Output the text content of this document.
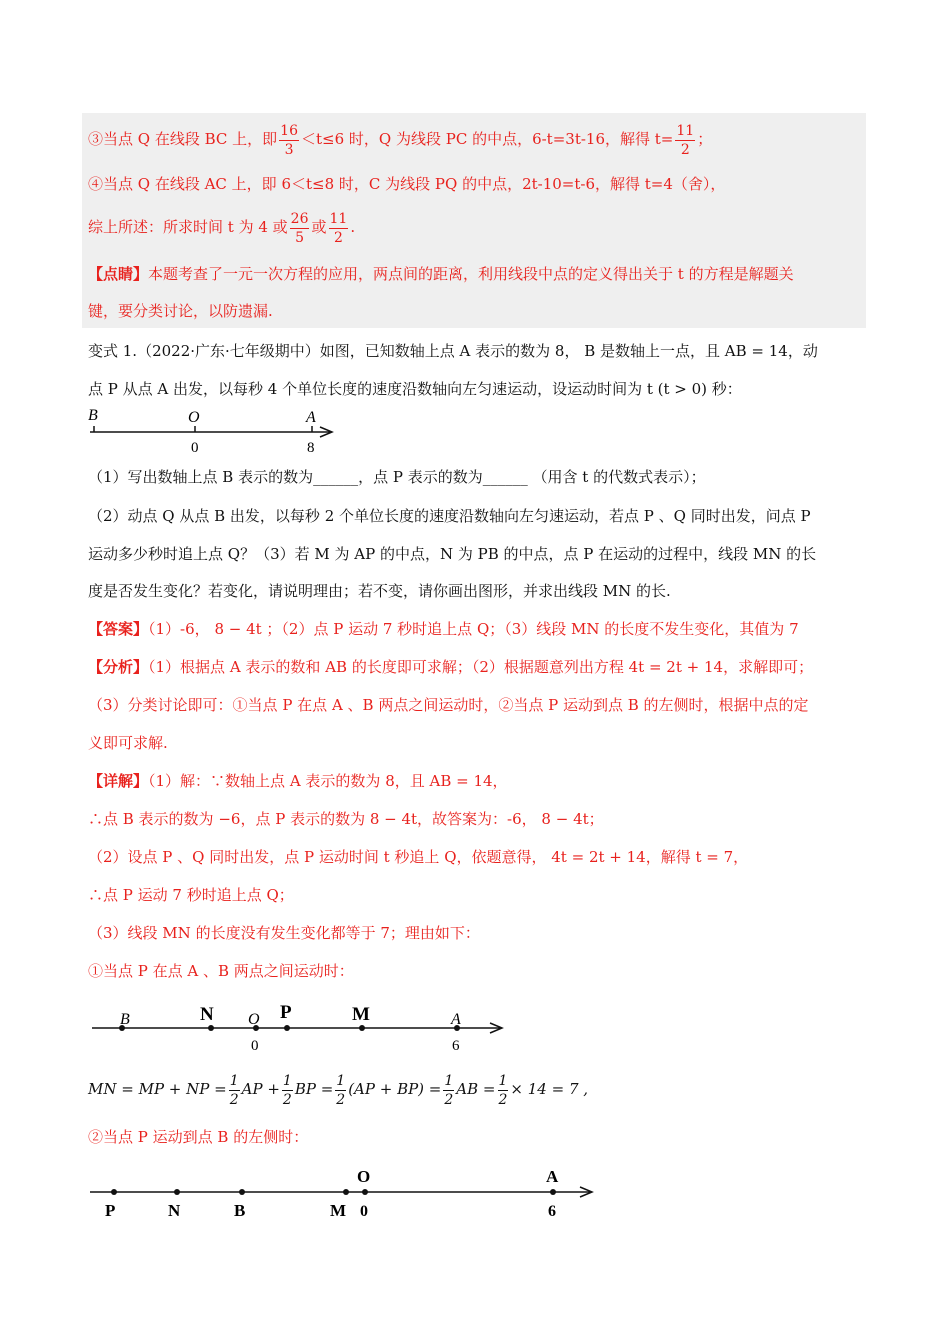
③当点 Q 在线段 BC 上，即 $\frac{16}{3} <t\le 6$ 时，Q 为线段 PC 的中点，6-t=3t-16，解得 $t= \frac{11}{2}$ ；
④当点 Q 在线段 AC 上，即 6＜t≤8 时，C 为线段 PQ 的中点，2t-10=t-6，解得 t=4（舍），
综上所述：所求时间 t 为 4 或 $\frac{26}{5}$ 或 $\frac{11}{2}$ .
【点睛】本题考查了一元一次方程的应用，两点间的距离，利用线段中点的定义得出关于 t 的方程是解题关
键，要分类讨论，以防遗漏.
变式 1.（2022·广东·七年级期中）如图，已知数轴上点 A 表示的数为 8， B 是数轴上一点，且 AB = 14，动
点 P 从点 A 出发，以每秒 4 个单位长度的速度沿数轴向左匀速运动，设运动时间为 t (t > 0) 秒：
B	O	A
0	8
（1）写出数轴上点 B 表示的数为______，点 P 表示的数为______ （用含 t 的代数式表示）；
（2）动点 Q 从点 B 出发，以每秒 2 个单位长度的速度沿数轴向左匀速运动，若点 P 、Q 同时出发，问点 P
运动多少秒时追上点 Q？（3）若 M 为 AP 的中点，N 为 PB 的中点，点 P 在运动的过程中，线段 MN 的长
度是否发生变化？若变化，请说明理由；若不变，请你画出图形，并求出线段 MN 的长.
【答案】（1）-6， 8 − 4t ；（2）点 P 运动 7 秒时追上点 Q；（3）线段 MN 的长度不发生变化，其值为 7
【分析】（1）根据点 A 表示的数和 AB 的长度即可求解；（2）根据题意列出方程 4t = 2t + 14，求解即可；
（3）分类讨论即可：①当点 P 在点 A 、B 两点之间运动时，②当点 P 运动到点 B 的左侧时，根据中点的定
义即可求解.
【详解】（1）解：∵数轴上点 A 表示的数为 8，且 AB = 14，
∴点 B 表示的数为 −6，点 P 表示的数为 8 − 4t，故答案为：-6， 8 − 4t；
（2）设点 P 、Q 同时出发，点 P 运动时间 t 秒追上 Q，依题意得， 4t = 2t + 14，解得 t = 7，
∴点 P 运动 7 秒时追上点 Q；
（3）线段 MN 的长度没有发生变化都等于 7；理由如下：
①当点 P 在点 A 、B 两点之间运动时：
B	N O P	M	A
0	6
MN = MP + NP = $\frac{1}{2}$ AP + $\frac{1}{2}$ BP = $\frac{1}{2} (AP + BP) = \frac{1}{2}$ AB = $\frac{1}{2} \times 14 = 7$ ,
②当点 P 运动到点 B 的左侧时：
P	N	B	M
O	A
0	6
